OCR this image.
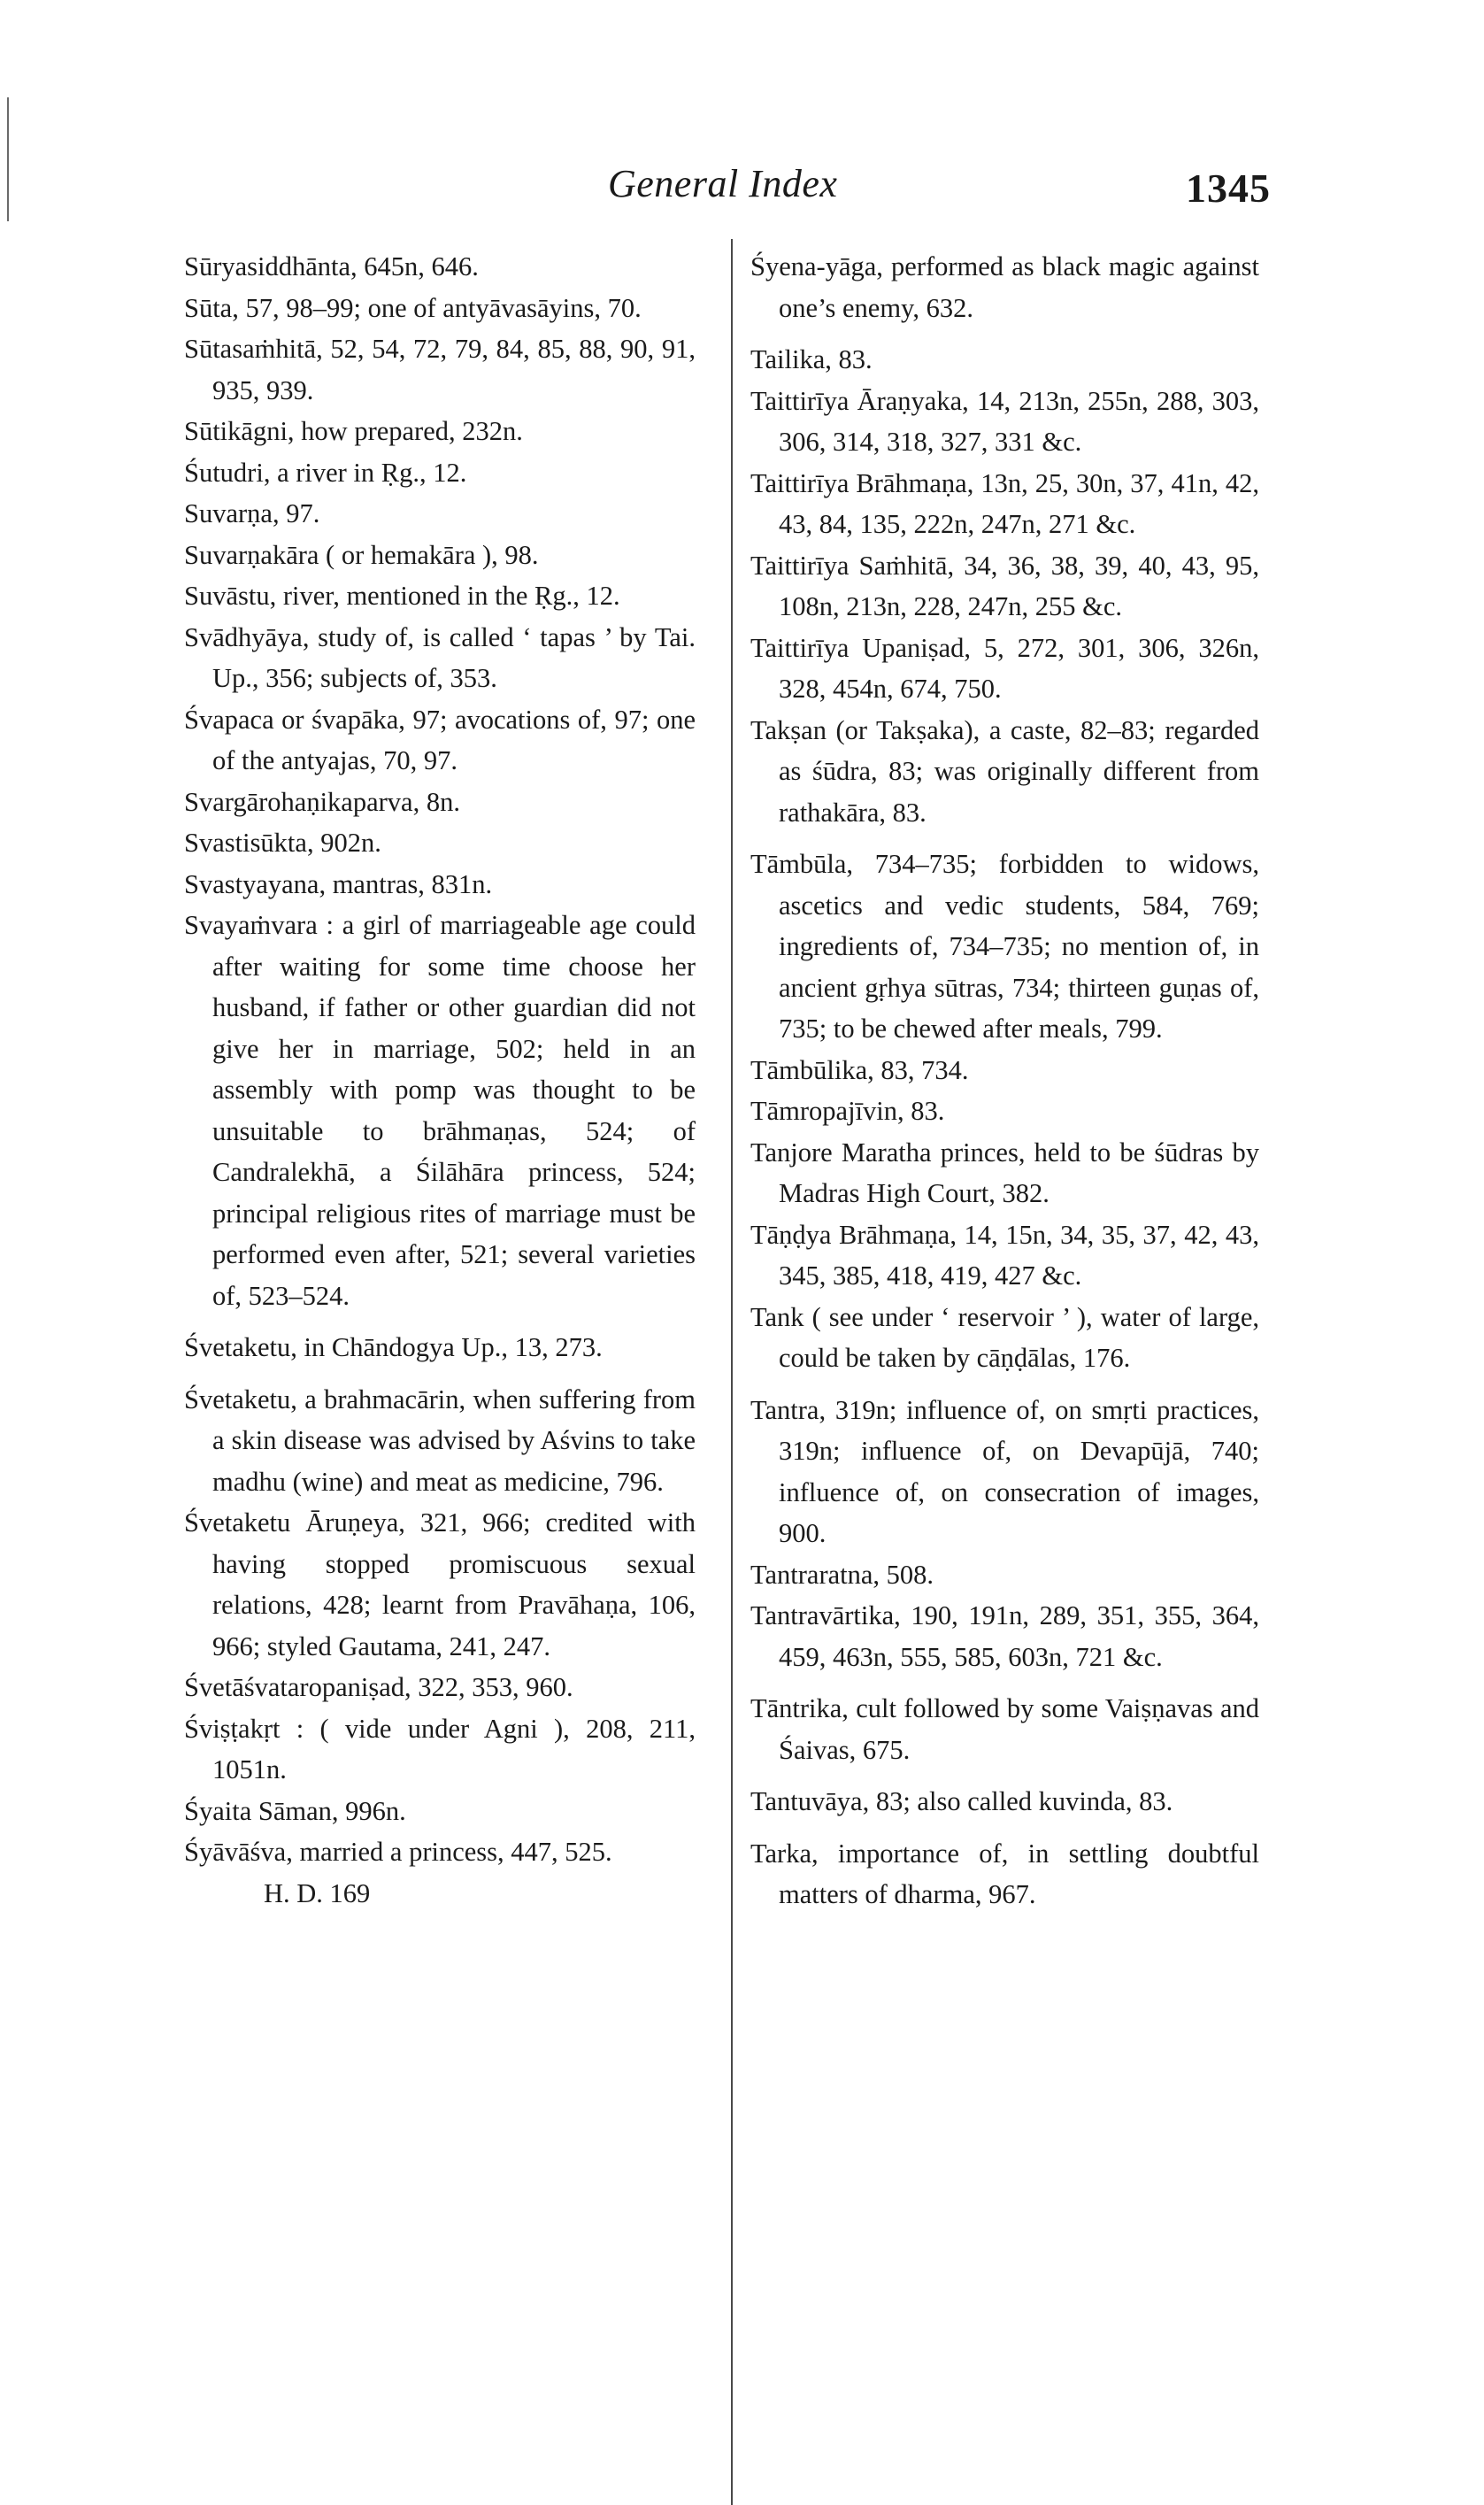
General Index	1345

Sūryasiddhānta, 645n, 646.

Sūta, 57, 98–99; one of antyāvasāyins, 70.

Sūtasaṁhitā, 52, 54, 72, 79, 84, 85, 88, 90, 91, 935, 939.

Sūtikāgni, how prepared, 232n.

Śutudri, a river in Ṛg., 12.

Suvarṇa, 97.

Suvarṇakāra ( or hemakāra ), 98.

Suvāstu, river, mentioned in the Ṛg., 12.

Svādhyāya, study of, is called ‘ tapas ’ by Tai. Up., 356; subjects of, 353.

Śvapaca or śvapāka, 97; avocations of, 97; one of the antyajas, 70, 97.

Svargārohaṇikaparva, 8n.

Svastisūkta, 902n.

Svastyayana, mantras, 831n.

Svayaṁvara : a girl of marriageable age could after waiting for some time choose her husband, if father or other guardian did not give her in marriage, 502; held in an assembly with pomp was thought to be unsuitable to brāhmaṇas, 524; of Candralekhā, a Śilāhāra princess, 524; principal religious rites of marriage must be performed even after, 521; several varieties of, 523–524.

Śvetaketu, in Chāndogya Up., 13, 273.

Śvetaketu, a brahmacārin, when suffering from a skin disease was advised by Aśvins to take madhu (wine) and meat as medicine, 796.

Śvetaketu Āruṇeya, 321, 966; credited with having stopped promiscuous sexual relations, 428; learnt from Pravāhaṇa, 106, 966; styled Gautama, 241, 247.

Śvetāśvataropaniṣad, 322, 353, 960.

Śviṣṭakṛt : ( vide under Agni ), 208, 211, 1051n.

Śyaita Sāman, 996n.

Śyāvāśva, married a princess, 447, 525.

H. D. 169

Śyena-yāga, performed as black magic against one’s enemy, 632.

Tailika, 83.

Taittirīya Āraṇyaka, 14, 213n, 255n, 288, 303, 306, 314, 318, 327, 331 &c.

Taittirīya Brāhmaṇa, 13n, 25, 30n, 37, 41n, 42, 43, 84, 135, 222n, 247n, 271 &c.

Taittirīya Saṁhitā, 34, 36, 38, 39, 40, 43, 95, 108n, 213n, 228, 247n, 255 &c.

Taittirīya Upaniṣad, 5, 272, 301, 306, 326n, 328, 454n, 674, 750.

Takṣan (or Takṣaka), a caste, 82–83; regarded as śūdra, 83; was originally different from rathakāra, 83.

Tāmbūla, 734–735; forbidden to widows, ascetics and vedic students, 584, 769; ingredients of, 734–735; no mention of, in ancient gṛhya sūtras, 734; thirteen guṇas of, 735; to be chewed after meals, 799.

Tāmbūlika, 83, 734.

Tāmropajīvin, 83.

Tanjore Maratha princes, held to be śūdras by Madras High Court, 382.

Tāṇḍya Brāhmaṇa, 14, 15n, 34, 35, 37, 42, 43, 345, 385, 418, 419, 427 &c.

Tank ( see under ‘ reservoir ’ ), water of large, could be taken by cāṇḍālas, 176.

Tantra, 319n; influence of, on smṛti practices, 319n; influence of, on Devapūjā, 740; influence of, on consecration of images, 900.

Tantraratna, 508.

Tantravārtika, 190, 191n, 289, 351, 355, 364, 459, 463n, 555, 585, 603n, 721 &c.

Tāntrika, cult followed by some Vaiṣṇavas and Śaivas, 675.

Tantuvāya, 83; also called kuvinda, 83.

Tarka, importance of, in settling doubtful matters of dharma, 967.
